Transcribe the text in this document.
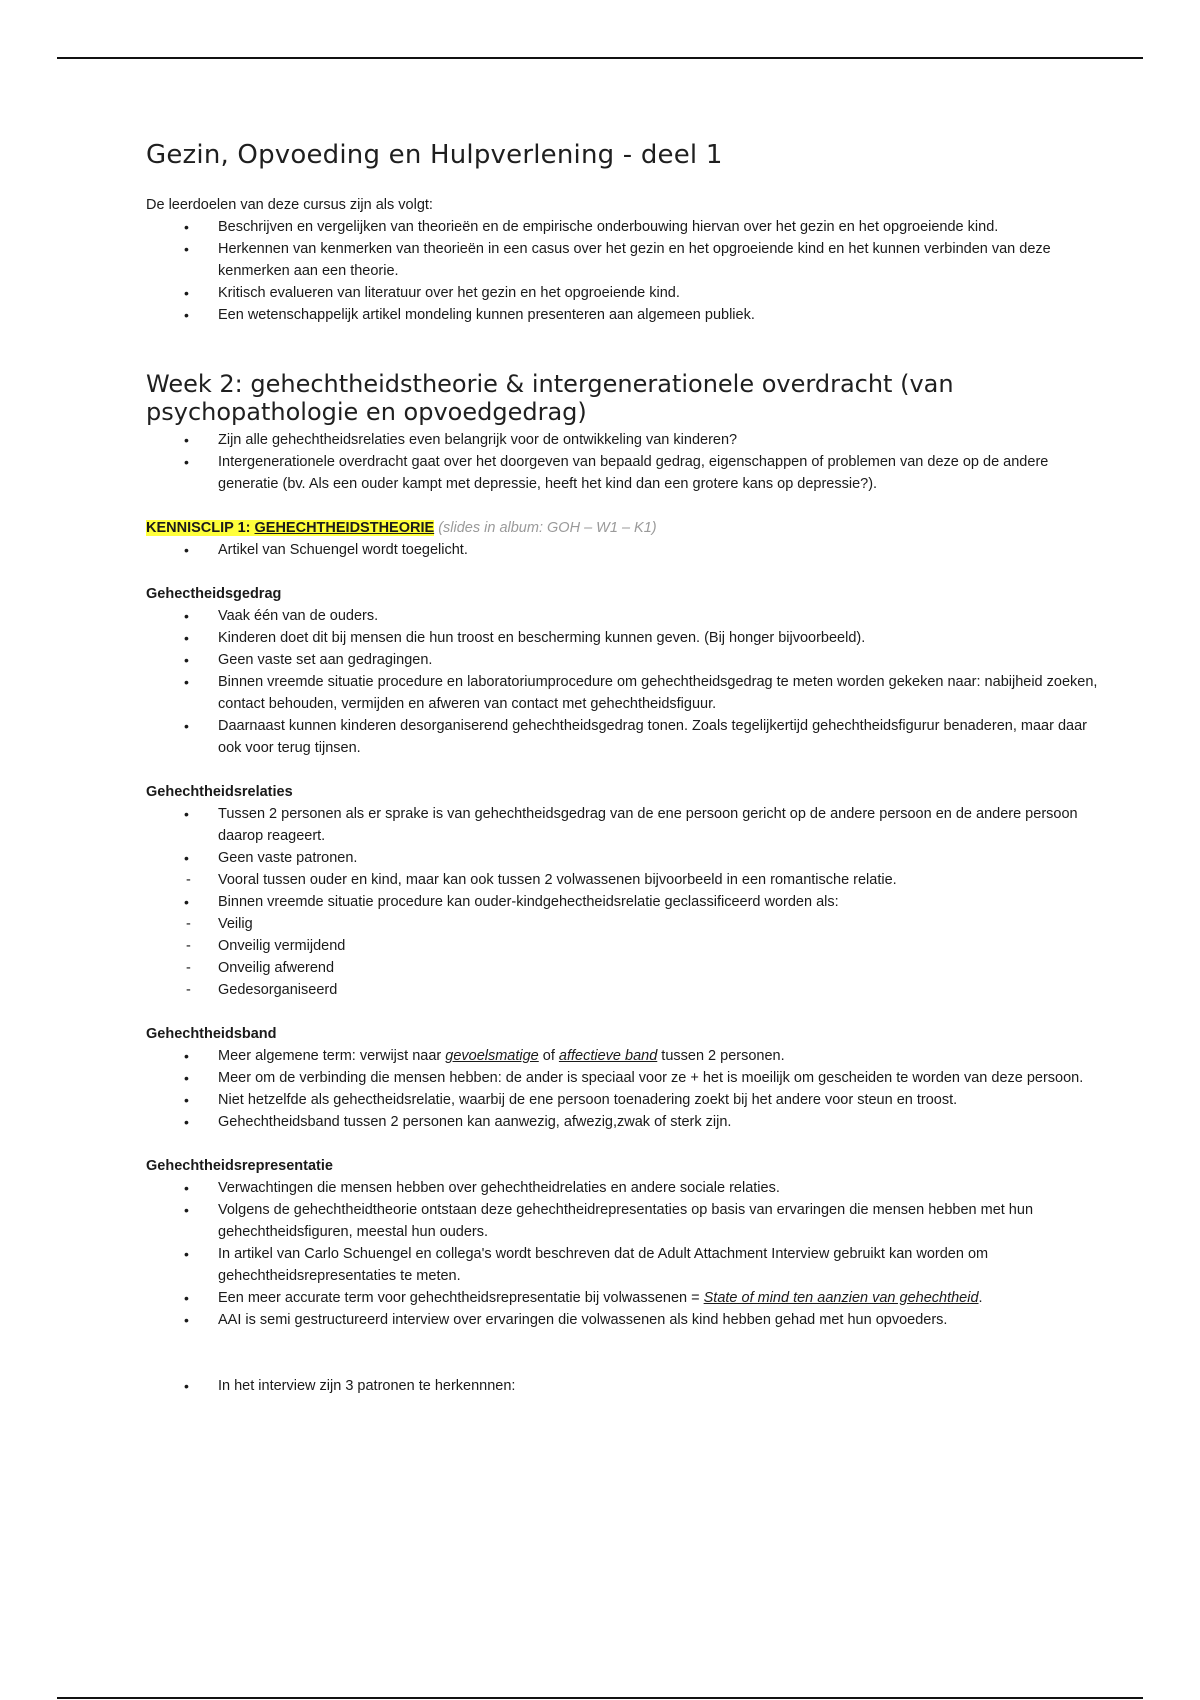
Gezin, Opvoeding en Hulpverlening - deel 1

De leerdoelen van deze cursus zijn als volgt:

• Beschrijven en vergelijken van theorieën en de empirische onderbouwing hiervan over het gezin en het opgroeiende kind.
• Herkennen van kenmerken van theorieën in een casus over het gezin en het opgroeiende kind en het kunnen verbinden van deze kenmerken aan een theorie.
• Kritisch evalueren van literatuur over het gezin en het opgroeiende kind.
• Een wetenschappelijk artikel mondeling kunnen presenteren aan algemeen publiek.
Week 2: gehechtheidstheorie & intergenerationele overdracht (van psychopathologie en opvoedgedrag)
• Zijn alle gehechtheidsrelaties even belangrijk voor de ontwikkeling van kinderen?
• Intergenerationele overdracht gaat over het doorgeven van bepaald gedrag, eigenschappen of problemen van deze op de andere generatie (bv. Als een ouder kampt met depressie, heeft het kind dan een grotere kans op depressie?).

KENNISCLIP 1: GEHECHTHEIDSTHEORIE (slides in album: GOH – W1 – K1)

• Artikel van Schuengel wordt toegelicht.

Gehectheidsgedrag

• Vaak één van de ouders.
• Kinderen doet dit bij mensen die hun troost en bescherming kunnen geven. (Bij honger bijvoorbeeld).
• Geen vaste set aan gedragingen.
• Binnen vreemde situatie procedure en laboratoriumprocedure om gehechtheidsgedrag te meten worden gekeken naar: nabijheid zoeken, contact behouden, vermijden en afweren van contact met gehechtheidsfiguur.
• Daarnaast kunnen kinderen desorganiserend gehechtheidsgedrag tonen. Zoals tegelijkertijd gehechtheidsfigurur benaderen, maar daar ook voor terug tijnsen.

Gehechtheidsrelaties

• Tussen 2 personen als er sprake is van gehechtheidsgedrag van de ene persoon gericht op de andere persoon en de andere persoon daarop reageert.
• Geen vaste patronen.
- Vooral tussen ouder en kind, maar kan ook tussen 2 volwassenen bijvoorbeeld in een romantische relatie.
• Binnen vreemde situatie procedure kan ouder-kindgehectheidsrelatie geclassificeerd worden als:
- Veilig
- Onveilig vermijdend
- Onveilig afwerend
- Gedesorganiseerd

Gehechtheidsband

• Meer algemene term: verwijst naar gevoelsmatige of affectieve band tussen 2 personen.
• Meer om de verbinding die mensen hebben: de ander is speciaal voor ze + het is moeilijk om gescheiden te worden van deze persoon.
• Niet hetzelfde als gehectheidsrelatie, waarbij de ene persoon toenadering zoekt bij het andere voor steun en troost.
• Gehechtheidsband tussen 2 personen kan aanwezig, afwezig,zwak of sterk zijn.

Gehechtheidsrepresentatie

• Verwachtingen die mensen hebben over gehechtheidrelaties en andere sociale relaties.
• Volgens de gehechtheidtheorie ontstaan deze gehechtheidrepresentaties op basis van ervaringen die mensen hebben met hun gehechtheidsfiguren, meestal hun ouders.
• In artikel van Carlo Schuengel en collega's wordt beschreven dat de Adult Attachment Interview gebruikt kan worden om gehechtheidsrepresentaties te meten.
• Een meer accurate term voor gehechtheidsrepresentatie bij volwassenen = State of mind ten aanzien van gehechtheid.
• AAI is semi gestructureerd interview over ervaringen die volwassenen als kind hebben gehad met hun opvoeders.
• In het interview zijn 3 patronen te herkennnen:
